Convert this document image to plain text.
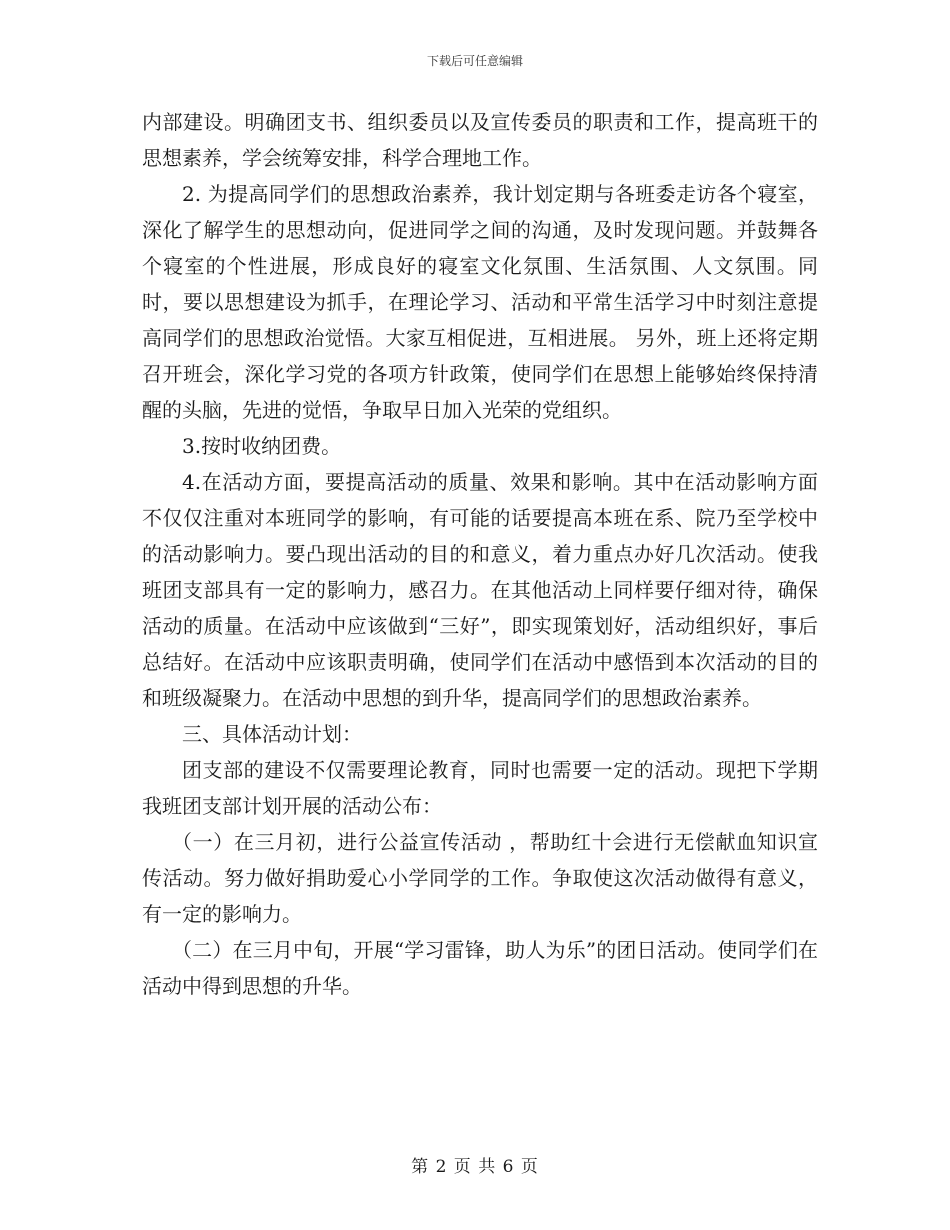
下载后可任意编辑

内部建设。明确团支书、组织委员以及宣传委员的职责和工作，提高班干的思想素养，学会统筹安排，科学合理地工作。

2. 为提高同学们的思想政治素养，我计划定期与各班委走访各个寝室，深化了解学生的思想动向，促进同学之间的沟通，及时发现问题。并鼓舞各个寝室的个性进展，形成良好的寝室文化氛围、生活氛围、人文氛围。同时，要以思想建设为抓手，在理论学习、活动和平常生活学习中时刻注意提高同学们的思想政治觉悟。大家互相促进，互相进展。 另外，班上还将定期召开班会，深化学习党的各项方针政策，使同学们在思想上能够始终保持清醒的头脑，先进的觉悟，争取早日加入光荣的党组织。

3.按时收纳团费。

4.在活动方面，要提高活动的质量、效果和影响。其中在活动影响方面不仅仅注重对本班同学的影响，有可能的话要提高本班在系、院乃至学校中的活动影响力。要凸现出活动的目的和意义，着力重点办好几次活动。使我班团支部具有一定的影响力，感召力。在其他活动上同样要仔细对待，确保活动的质量。在活动中应该做到“三好”，即实现策划好，活动组织好，事后总结好。在活动中应该职责明确，使同学们在活动中感悟到本次活动的目的和班级凝聚力。在活动中思想的到升华，提高同学们的思想政治素养。

三、具体活动计划：

团支部的建设不仅需要理论教育，同时也需要一定的活动。现把下学期我班团支部计划开展的活动公布：

（一）在三月初，进行公益宣传活动 ，帮助红十会进行无偿献血知识宣传活动。努力做好捐助爱心小学同学的工作。争取使这次活动做得有意义，有一定的影响力。

（二）在三月中旬，开展“学习雷锋，助人为乐”的团日活动。使同学们在活动中得到思想的升华。

第 2 页 共 6 页
